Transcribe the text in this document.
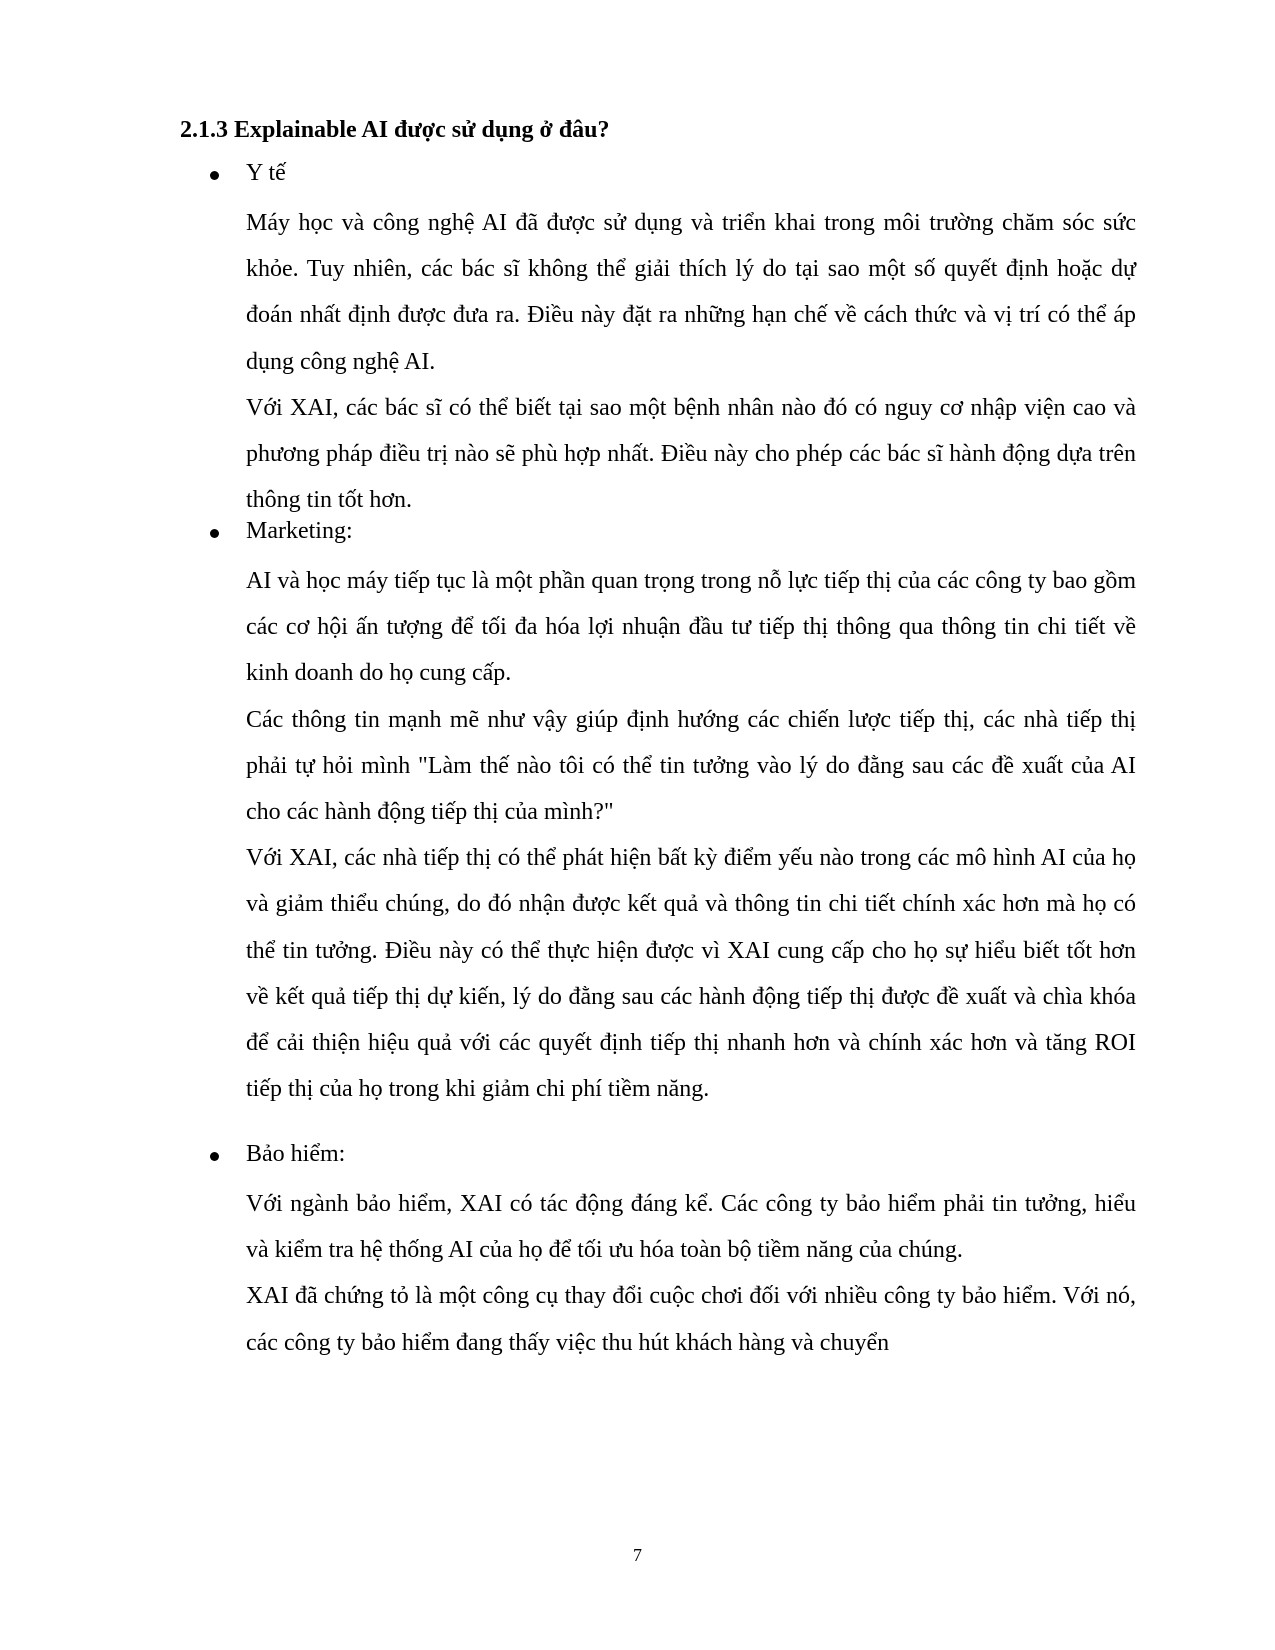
2.1.3 Explainable AI được sử dụng ở đâu?
Y tế

Máy học và công nghệ AI đã được sử dụng và triển khai trong môi trường chăm sóc sức khỏe. Tuy nhiên, các bác sĩ không thể giải thích lý do tại sao một số quyết định hoặc dự đoán nhất định được đưa ra. Điều này đặt ra những hạn chế về cách thức và vị trí có thể áp dụng công nghệ AI.

Với XAI, các bác sĩ có thể biết tại sao một bệnh nhân nào đó có nguy cơ nhập viện cao và phương pháp điều trị nào sẽ phù hợp nhất. Điều này cho phép các bác sĩ hành động dựa trên thông tin tốt hơn.

Marketing:

AI và học máy tiếp tục là một phần quan trọng trong nỗ lực tiếp thị của các công ty bao gồm các cơ hội ấn tượng để tối đa hóa lợi nhuận đầu tư tiếp thị thông qua thông tin chi tiết về kinh doanh do họ cung cấp.

Các thông tin mạnh mẽ như vậy giúp định hướng các chiến lược tiếp thị, các nhà tiếp thị phải tự hỏi mình "Làm thế nào tôi có thể tin tưởng vào lý do đằng sau các đề xuất của AI cho các hành động tiếp thị của mình?"

Với XAI, các nhà tiếp thị có thể phát hiện bất kỳ điểm yếu nào trong các mô hình AI của họ và giảm thiểu chúng, do đó nhận được kết quả và thông tin chi tiết chính xác hơn mà họ có thể tin tưởng. Điều này có thể thực hiện được vì XAI cung cấp cho họ sự hiểu biết tốt hơn về kết quả tiếp thị dự kiến, lý do đằng sau các hành động tiếp thị được đề xuất và chìa khóa để cải thiện hiệu quả với các quyết định tiếp thị nhanh hơn và chính xác hơn và tăng ROI tiếp thị của họ trong khi giảm chi phí tiềm năng.

Bảo hiểm:

Với ngành bảo hiểm, XAI có tác động đáng kể. Các công ty bảo hiểm phải tin tưởng, hiểu và kiểm tra hệ thống AI của họ để tối ưu hóa toàn bộ tiềm năng của chúng.

XAI đã chứng tỏ là một công cụ thay đổi cuộc chơi đối với nhiều công ty bảo hiểm. Với nó, các công ty bảo hiểm đang thấy việc thu hút khách hàng và chuyển

7
